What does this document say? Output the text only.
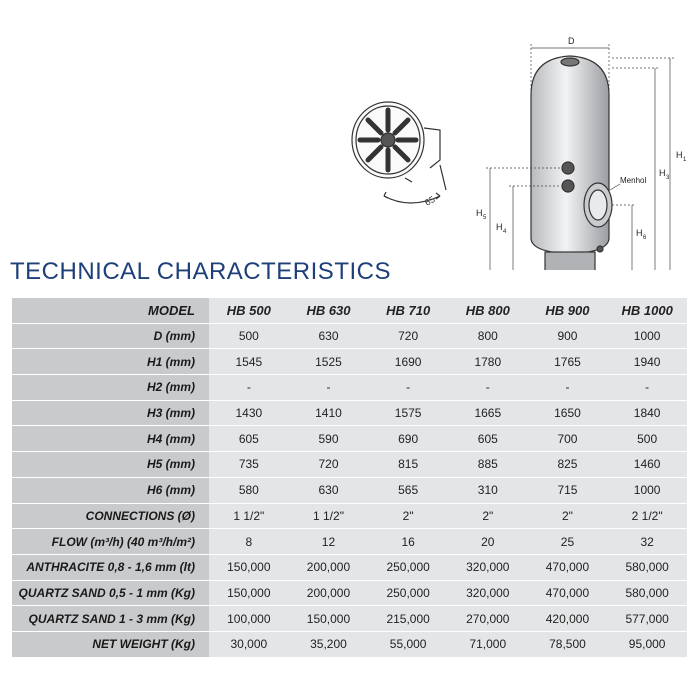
65
D
H 1
H 3
H 4
H 5
H 6
Menhol
TECHNICAL CHARACTERISTICS
MODEL	HB 500	HB 630	HB 710	HB 800	HB 900	HB 1000
D (mm)	500	630	720	800	900	1000
H1 (mm)	1545	1525	1690	1780	1765	1940
H2 (mm)	-	-	-	-	-	-
H3 (mm)	1430	1410	1575	1665	1650	1840
H4 (mm)	605	590	690	605	700	500
H5 (mm)	735	720	815	885	825	1460
H6 (mm)	580	630	565	310	715	1000
CONNECTIONS (Ø)	1 1/2"	1 1/2"	2"	2"	2"	2 1/2"
FLOW (m³/h) (40 m³/h/m²)	8	12	16	20	25	32
ANTHRACITE 0,8 - 1,6 mm (lt)	150,000	200,000	250,000	320,000	470,000	580,000
QUARTZ SAND 0,5 - 1 mm (Kg)	150,000	200,000	250,000	320,000	470,000	580,000
QUARTZ SAND 1 - 3 mm (Kg)	100,000	150,000	215,000	270,000	420,000	577,000
NET WEIGHT (Kg)	30,000	35,200	55,000	71,000	78,500	95,000
